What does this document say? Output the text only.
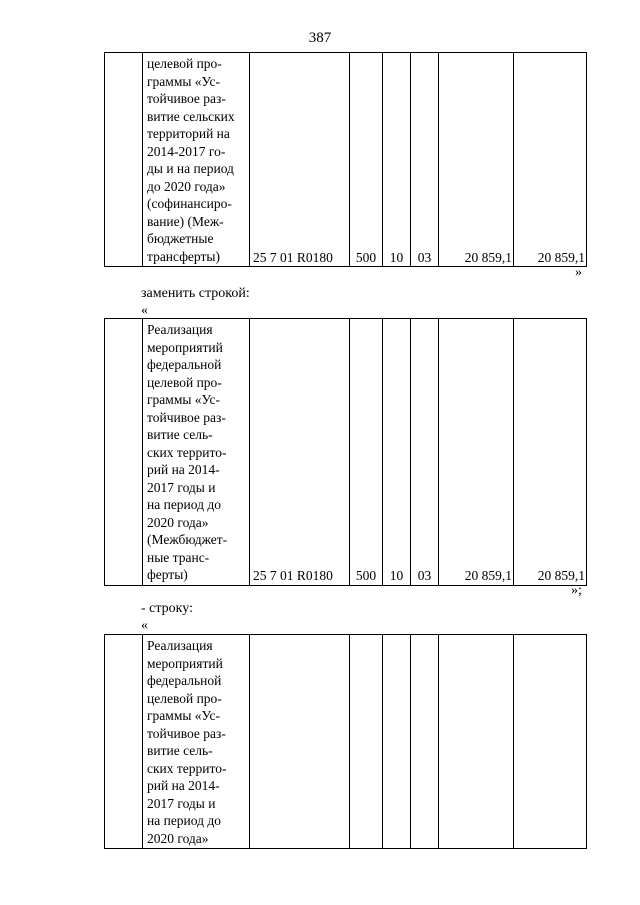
387

целевой про-
граммы «Ус-
тойчивое раз-
витие сельских
территорий на
2014-2017 го-
ды и на период
до 2020 года»
(софинансиро-
вание) (Меж-
бюджетные
трансферты)	25 7 01 R0180	500	10	03	20 859,1	20 859,1
»
заменить строкой:
«

Реализация
мероприятий
федеральной
целевой про-
граммы «Ус-
тойчивое раз-
витие сель-
ских террито-
рий на 2014-
2017 годы и
на период до
2020 года»
(Межбюджет-
ные транс-
ферты)	25 7 01 R0180	500	10	03	20 859,1	20 859,1
»;
- строку:
«

Реализация
мероприятий
федеральной
целевой про-
граммы «Ус-
тойчивое раз-
витие сель-
ских террито-
рий на 2014-
2017 годы и
на период до
2020 года»
